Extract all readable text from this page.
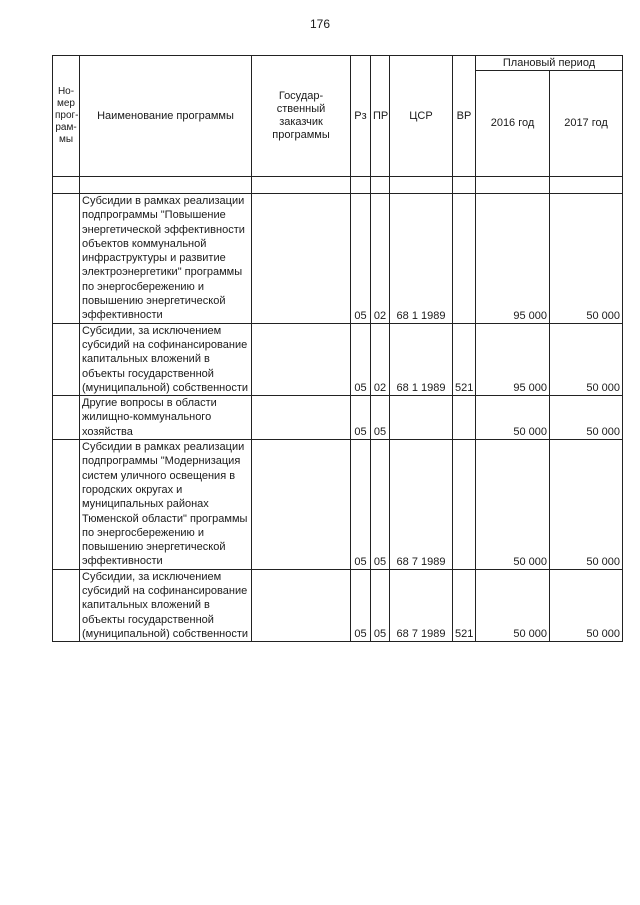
176
Но-
мер
прог-
рам-
мы	Наименование программы	Государ-
ственный
заказчик
программы	Рз	ПР	ЦСР	ВР	Плановый период	
							2016 год	2017 год

	Субсидии в рамках реализации подпрограммы "Повышение энергетической эффективности объектов коммунальной инфраструктуры и развитие электроэнергетики" программы по энергосбережению и повышению энергетической эффективности		05	02	68 1 1989		95 000	50 000
	Субсидии, за исключением субсидий на софинансирование капитальных вложений в объекты государственной (муниципальной) собственности		05	02	68 1 1989	521	95 000	50 000
	Другие вопросы в области жилищно-коммунального хозяйства		05	05			50 000	50 000
	Субсидии в рамках реализации подпрограммы "Модернизация систем уличного освещения в городских округах и муниципальных районах Тюменской области" программы по энергосбережению и повышению энергетической эффективности		05	05	68 7 1989		50 000	50 000
	Субсидии, за исключением субсидий на софинансирование капитальных вложений в объекты государственной (муниципальной) собственности		05	05	68 7 1989	521	50 000	50 000
